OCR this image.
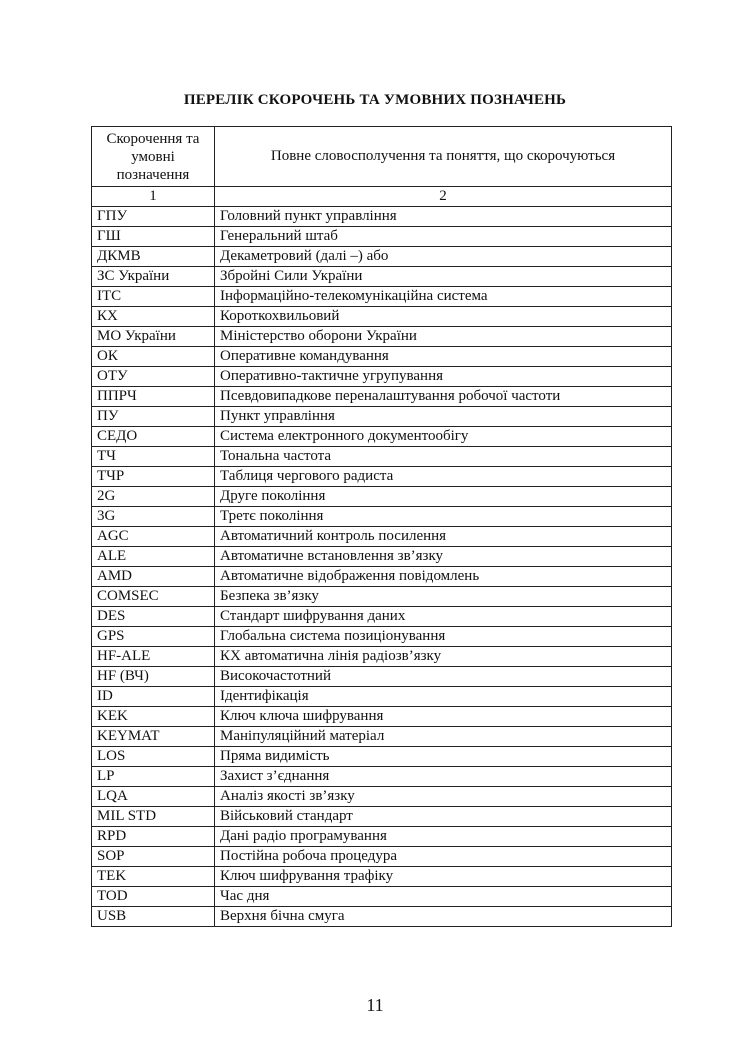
ПЕРЕЛІК СКОРОЧЕНЬ ТА УМОВНИХ ПОЗНАЧЕНЬ
Скорочення та умовні позначення	Повне словосполучення та поняття, що скорочуються
1	2
ГПУ	Головний пункт управління
ГШ	Генеральний штаб
ДКМВ	Декаметровий (далі –) або
ЗС України	Збройні Сили України
ІТС	Інформаційно-телекомунікаційна система
КХ	Короткохвильовий
МО України	Міністерство оборони України
ОК	Оперативне командування
ОТУ	Оперативно-тактичне угрупування
ППРЧ	Псевдовипадкове переналаштування робочої частоти
ПУ	Пункт управління
СЕДО	Система електронного документообігу
ТЧ	Тональна частота
ТЧР	Таблиця чергового радиста
2G	Друге покоління
3G	Третє покоління
AGC	Автоматичний контроль посилення
ALE	Автоматичне встановлення зв’язку
AMD	Автоматичне відображення повідомлень
COMSEC	Безпека зв’язку
DES	Стандарт шифрування даних
GPS	Глобальна система позиціонування
HF-ALE	КХ автоматична лінія радіозв’язку
HF (ВЧ)	Високочастотний
ID	Ідентифікація
KEK	Ключ ключа шифрування
KEYMAT	Маніпуляційний матеріал
LOS	Пряма видимість
LP	Захист з’єднання
LQA	Аналіз якості зв’язку
MIL STD	Військовий стандарт
RPD	Дані радіо програмування
SOP	Постійна робоча процедура
TEK	Ключ шифрування трафіку
TOD	Час дня
USB	Верхня бічна смуга
11
